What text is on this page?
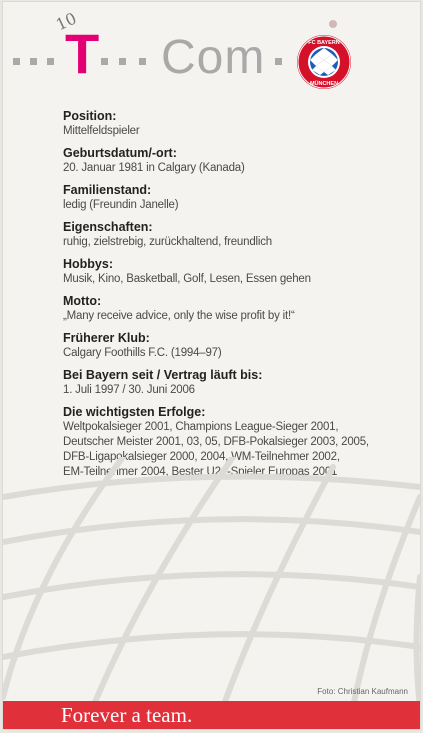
10
T Com	FC BAYERN
MÜNCHEN
Position:
Mittelfeldspieler
Geburtsdatum/-ort:
20. Januar 1981 in Calgary (Kanada)
Familienstand:
ledig (Freundin Janelle)
Eigenschaften:
ruhig, zielstrebig, zurückhaltend, freundlich
Hobbys:
Musik, Kino, Basketball, Golf, Lesen, Essen gehen
Motto:
„Many receive advice, only the wise profit by it!“
Früherer Klub:
Calgary Foothills F.C. (1994–97)
Bei Bayern seit / Vertrag läuft bis:
1. Juli 1997 / 30. Juni 2006
Die wichtigsten Erfolge:
Weltpokalsieger 2001, Champions League-Sieger 2001,
Deutscher Meister 2001, 03, 05, DFB-Pokalsieger 2003, 2005,
DFB-Ligapokalsieger 2000, 2004, WM-Teilnehmer 2002,
EM-Teilnehmer 2004, Bester U21-Spieler Europas 2001
Foto: Christian Kaufmann
Forever a team.
